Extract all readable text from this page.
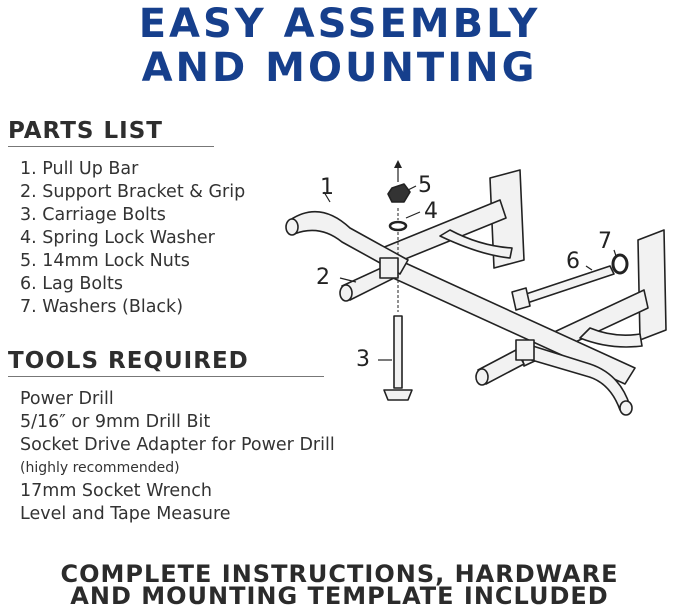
EASY ASSEMBLY
AND MOUNTING
PARTS LIST
1. Pull Up Bar
2. Support Bracket & Grip
3. Carriage Bolts
4. Spring Lock Washer
5. 14mm Lock Nuts
6. Lag Bolts
7. Washers (Black)
TOOLS REQUIRED
Power Drill
5/16″ or 9mm Drill Bit
Socket Drive Adapter for Power Drill
(highly recommended)
17mm Socket Wrench
Level and Tape Measure
1
2
3
4
5
6
7
COMPLETE INSTRUCTIONS, HARDWARE
AND MOUNTING TEMPLATE INCLUDED
